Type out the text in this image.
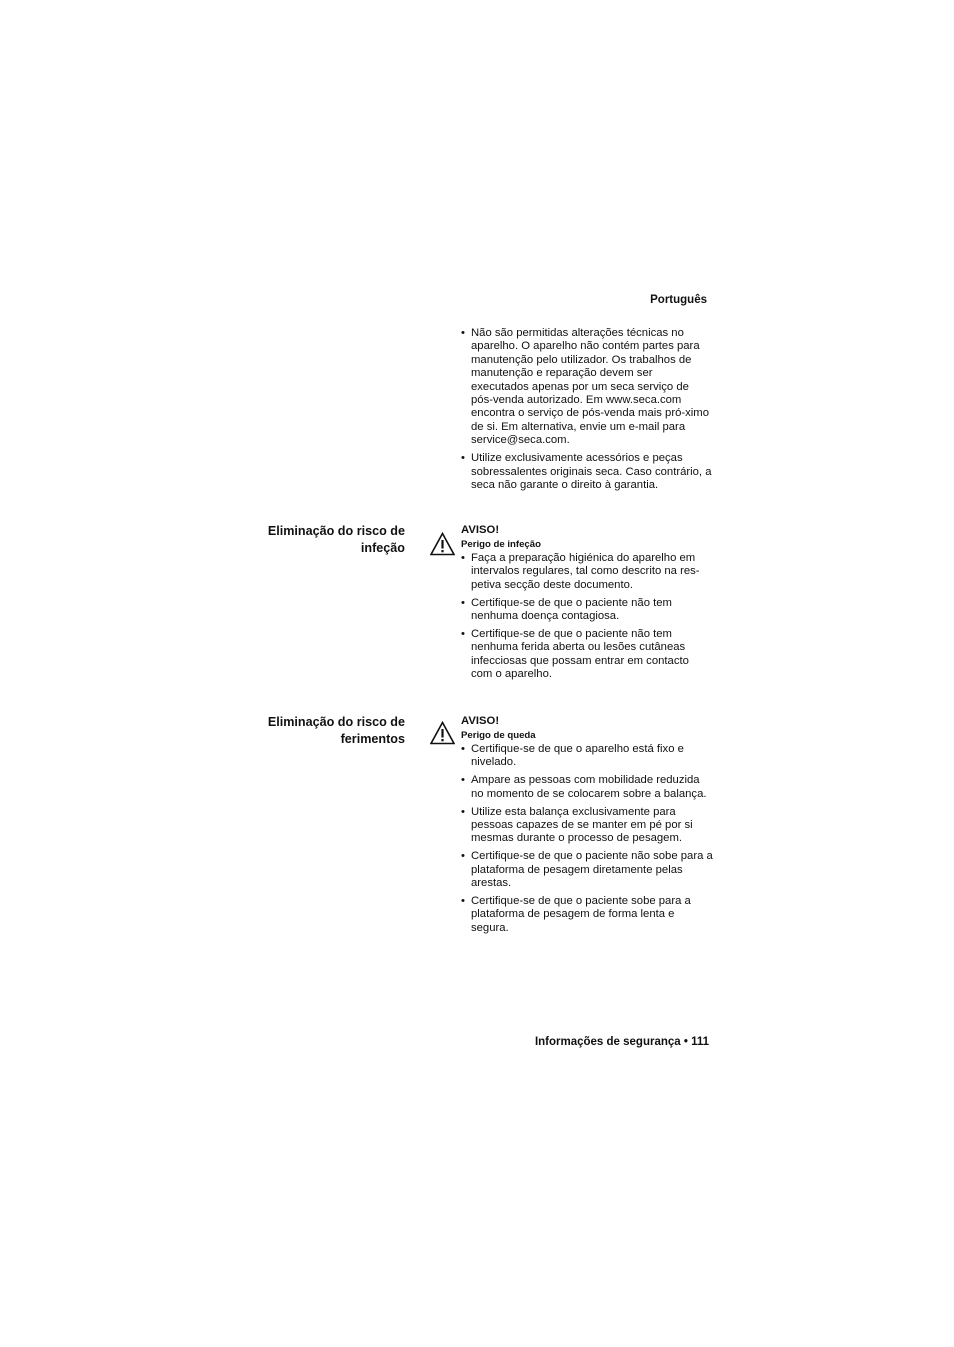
Português
• Não são permitidas alterações técnicas no aparelho. O aparelho não contém partes para manutenção pelo utilizador. Os trabalhos de manutenção e reparação devem ser executados apenas por um seca serviço de pós-venda autorizado. Em www.seca.com encontra o serviço de pós-venda mais pró-ximo de si. Em alternativa, envie um e-mail para service@seca.com.
• Utilize exclusivamente acessórios e peças sobressalentes originais seca. Caso contrário, a seca não garante o direito à garantia.
Eliminação do risco de infeção
AVISO!
Perigo de infeção
• Faça a preparação higiénica do aparelho em intervalos regulares, tal como descrito na res-petiva secção deste documento.
• Certifique-se de que o paciente não tem nenhuma doença contagiosa.
• Certifique-se de que o paciente não tem nenhuma ferida aberta ou lesões cutâneas infecciosas que possam entrar em contacto com o aparelho.
Eliminação do risco de ferimentos
AVISO!
Perigo de queda
• Certifique-se de que o aparelho está fixo e nivelado.
• Ampare as pessoas com mobilidade reduzida no momento de se colocarem sobre a balança.
• Utilize esta balança exclusivamente para pessoas capazes de se manter em pé por si mesmas durante o processo de pesagem.
• Certifique-se de que o paciente não sobe para a plataforma de pesagem diretamente pelas arestas.
• Certifique-se de que o paciente sobe para a plataforma de pesagem de forma lenta e segura.
Informações de segurança • 111
